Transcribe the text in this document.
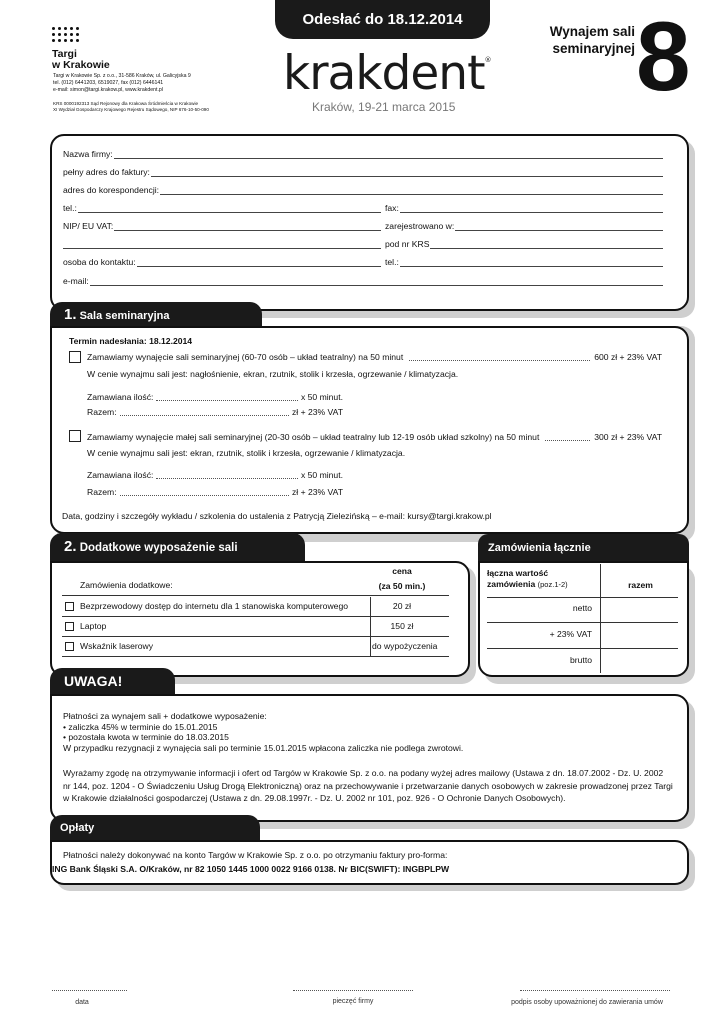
Targi
w Krakowie
Targi w Krakowie Sp. z o.o., 31-586 Kraków, ul. Galicyjska 9
tel. (012) 6441203, 6519027, fax (012) 6446141
e-mail: simon@targi.krakow.pl, www.krakdent.pl
KRS 0000192313 Sąd Rejonowy dla Krakowa Śródmieścia w Krakowie
XI Wydział Gospodarczy Krajowego Rejestru Sądowego, NIP 676-10-50-090
Odesłać do 18.12.2014
krakdent®
Kraków, 19-21 marca 2015
Wynajem sali seminaryjnej 8
Nazwa firmy:
pełny adres do faktury:
adres do korespondencji:
tel.:	fax:
NIP/ EU VAT:	zarejestrowano w:
pod nr KRS
osoba do kontaktu:	tel.:
e-mail:
1. Sala seminaryjna
Termin nadesłania: 18.12.2014
Zamawiamy wynajęcie sali seminaryjnej (60-70 osób – układ teatralny) na 50 minut	600 zł + 23% VAT
W cenie wynajmu sali jest: nagłośnienie, ekran, rzutnik, stolik i krzesła, ogrzewanie / klimatyzacja.
Zamawiana ilość:	x 50 minut.
Razem:	zł + 23% VAT
Zamawiamy wynajęcie małej sali seminaryjnej (20-30 osób – układ teatralny lub 12-19 osób układ szkolny) na 50 minut	300 zł + 23% VAT
W cenie wynajmu sali jest: ekran, rzutnik, stolik i krzesła, ogrzewanie / klimatyzacja.
Zamawiana ilość:	x 50 minut.
Razem:	zł + 23% VAT
Data, godziny i szczegóły wykładu / szkolenia do ustalenia z Patrycją Zielezińską – e-mail: kursy@targi.krakow.pl
2. Dodatkowe wyposażenie sali
Zamówienia dodatkowe:
cena
(za 50 min.)
Bezprzewodowy dostęp do internetu dla 1 stanowiska komputerowego	20 zł
Laptop	150 zł
Wskaźnik laserowy	do wypożyczenia
Zamówienia łącznie
łączna wartość
zamówienia (poz.1-2)	razem
netto
+ 23% VAT
brutto
UWAGA!
Płatności za wynajem sali + dodatkowe wyposażenie:
• zaliczka 45% w terminie do 15.01.2015
• pozostała kwota w terminie do 18.03.2015
W przypadku rezygnacji z wynajęcia sali po terminie 15.01.2015 wpłacona zaliczka nie podlega zwrotowi.
Wyrażamy zgodę na otrzymywanie informacji i ofert od Targów w Krakowie Sp. z o.o. na podany wyżej adres mailowy (Ustawa z dn. 18.07.2002 - Dz. U. 2002
nr 144, poz. 1204 - O Świadczeniu Usług Drogą Elektroniczną) oraz na przechowywanie i przetwarzanie danych osobowych w zakresie prowadzonej przez Targi
w Krakowie działalności gospodarczej (Ustawa z dn. 29.08.1997r. - Dz. U. 2002 nr 101, poz. 926 - O Ochronie Danych Osobowych).
Opłaty
Płatności należy dokonywać na konto Targów w Krakowie Sp. z o.o. po otrzymaniu faktury pro-forma:
ING Bank Śląski S.A. O/Kraków, nr 82 1050 1445 1000 0022 9166 0138. Nr BIC(SWIFT): INGBPLPW
data	pieczęć firmy	podpis osoby upoważnionej do zawierania umów
